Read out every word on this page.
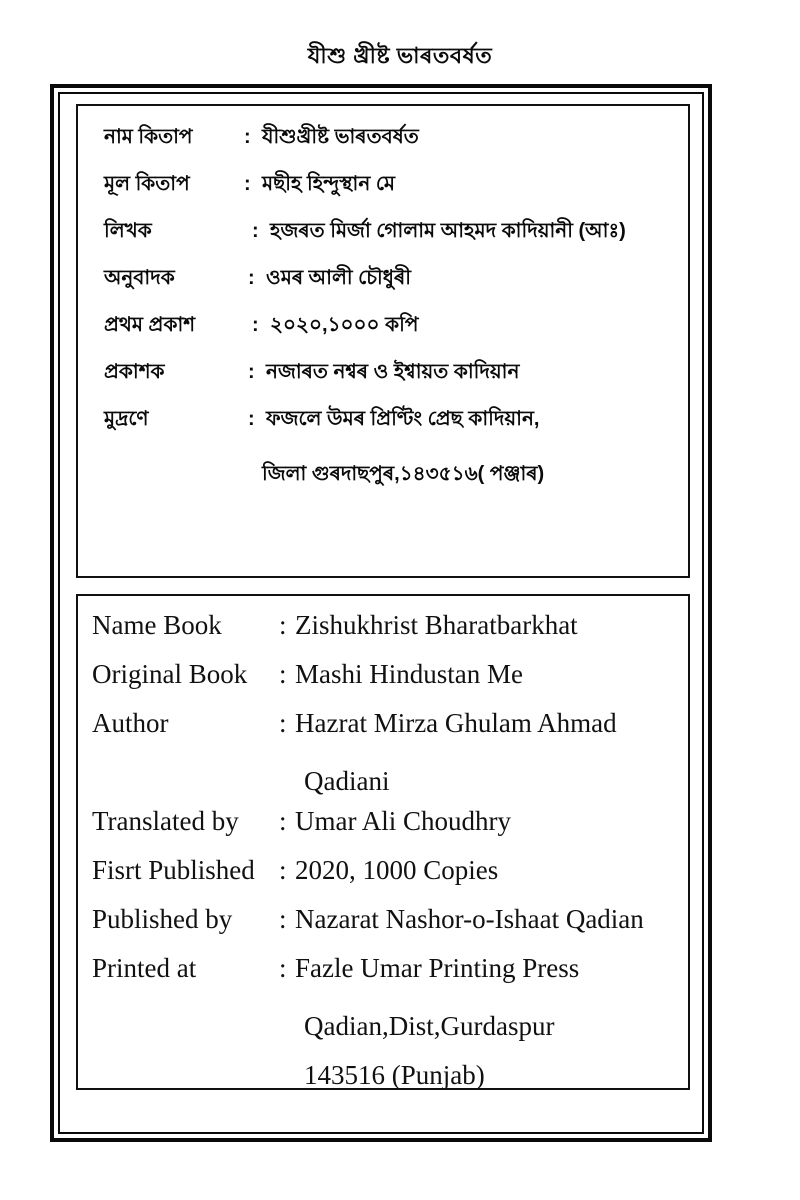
যীশু খ্ৰীষ্ট ভাৰতবৰ্ষত
নাম কিতাপ	: যীশুখ্ৰীষ্ট ভাৰতবৰ্ষত
মূল কিতাপ	: মছীহ হিন্দুস্থান মে
লিখক	: হজৰত মিৰ্জা গোলাম আহমদ কাদিয়ানী (আঃ)
অনুবাদক	: ওমৰ আলী চৌধুৰী
প্ৰথম প্ৰকাশ	: ২০২০,১০০০ কপি
প্ৰকাশক	: নজাৰত নশ্বৰ ও ইশ্বায়ত কাদিয়ান
মুদ্ৰণে	: ফজলে উমৰ প্ৰিণ্টিং প্ৰেছ কাদিয়ান,
জিলা গুৰদাছপুৰ,১৪৩৫১৬( পঞ্জাৰ)
Name Book	: Zishukhrist Bharatbarkhat
Original Book	: Mashi Hindustan Me
Author	: Hazrat Mirza Ghulam Ahmad
Qadiani
Translated by	: Umar Ali Choudhry
Fisrt Published : 2020, 1000 Copies
Published by	: Nazarat Nashor-o-Ishaat Qadian
Printed at	: Fazle Umar Printing Press
Qadian,Dist,Gurdaspur
143516 (Punjab)
